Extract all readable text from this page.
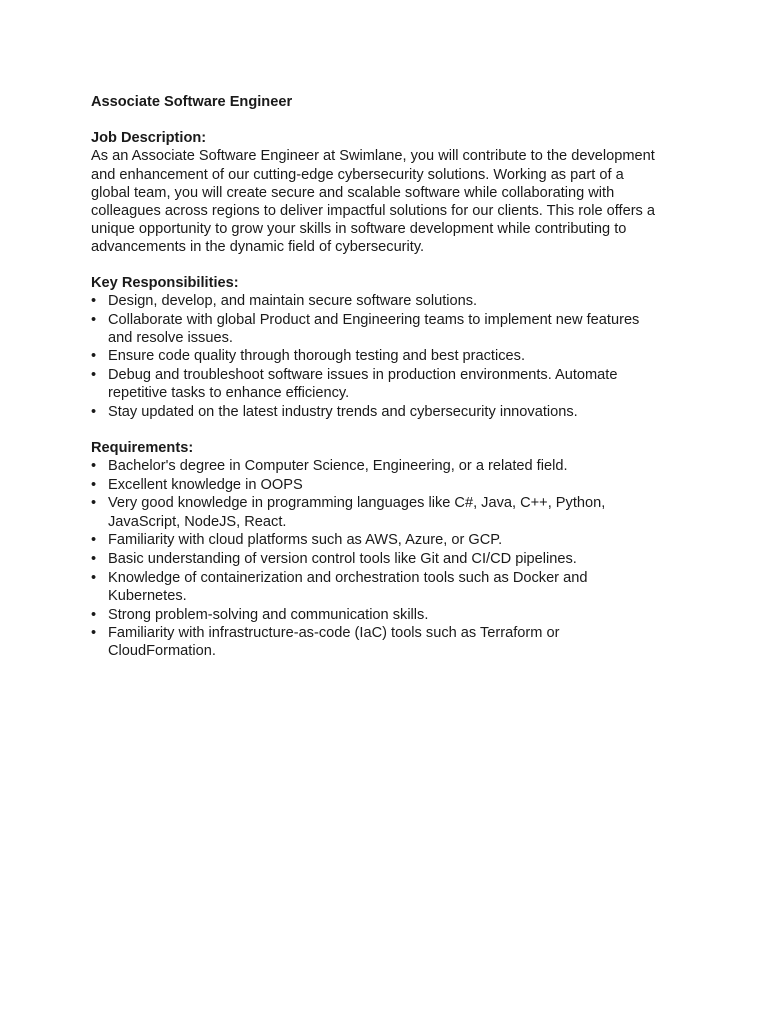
Associate Software Engineer
Job Description:
As an Associate Software Engineer at Swimlane, you will contribute to the development
and enhancement of our cutting-edge cybersecurity solutions. Working as part of a
global team, you will create secure and scalable software while collaborating with
colleagues across regions to deliver impactful solutions for our clients. This role offers a
unique opportunity to grow your skills in software development while contributing to
advancements in the dynamic field of cybersecurity.
Key Responsibilities:
• Design, develop, and maintain secure software solutions.
• Collaborate with global Product and Engineering teams to implement new features
and resolve issues.
• Ensure code quality through thorough testing and best practices.
• Debug and troubleshoot software issues in production environments. Automate
repetitive tasks to enhance efficiency.
• Stay updated on the latest industry trends and cybersecurity innovations.
Requirements:
• Bachelor's degree in Computer Science, Engineering, or a related field.
• Excellent knowledge in OOPS
• Very good knowledge in programming languages like C#, Java, C++, Python,
JavaScript, NodeJS, React.
• Familiarity with cloud platforms such as AWS, Azure, or GCP.
• Basic understanding of version control tools like Git and CI/CD pipelines.
• Knowledge of containerization and orchestration tools such as Docker and
Kubernetes.
• Strong problem-solving and communication skills.
• Familiarity with infrastructure-as-code (IaC) tools such as Terraform or
CloudFormation.
